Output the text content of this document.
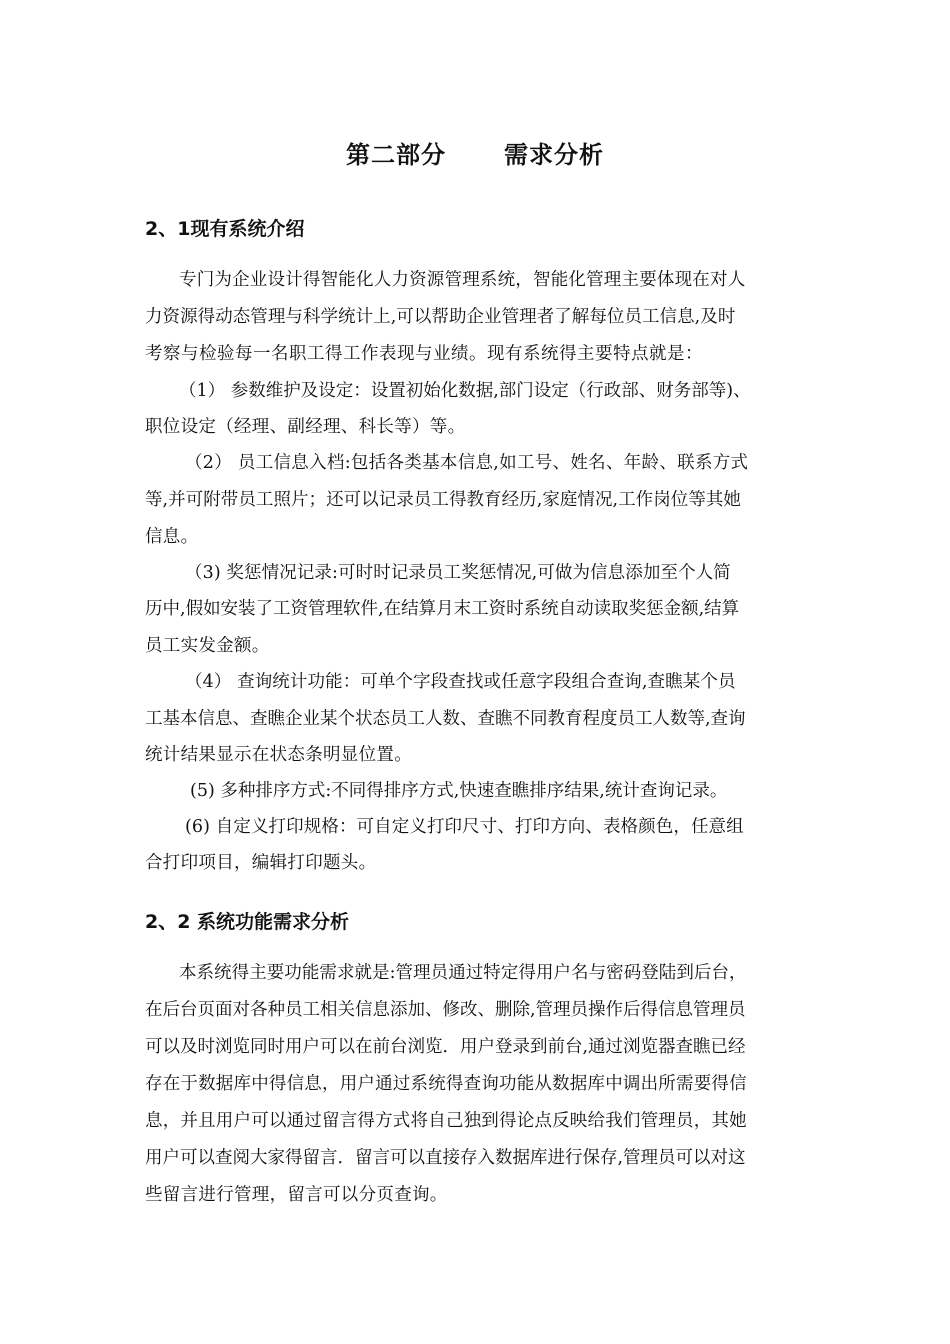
第二部分 需求分析
2、1现有系统介绍
专门为企业设计得智能化人力资源管理系统，智能化管理主要体现在对人
力资源得动态管理与科学统计上,可以帮助企业管理者了解每位员工信息,及时
考察与检验每一名职工得工作表现与业绩。现有系统得主要特点就是：
（1） 参数维护及设定：设置初始化数据,部门设定（行政部、财务部等)、
职位设定（经理、副经理、科长等）等。
（2） 员工信息入档:包括各类基本信息,如工号、姓名、年龄、联系方式
等,并可附带员工照片；还可以记录员工得教育经历,家庭情况,工作岗位等其她
信息。
（3) 奖惩情况记录:可时时记录员工奖惩情况,可做为信息添加至个人简
历中,假如安装了工资管理软件,在结算月末工资时系统自动读取奖惩金额,结算
员工实发金额。
（4） 查询统计功能：可单个字段查找或任意字段组合查询,查瞧某个员
工基本信息、查瞧企业某个状态员工人数、查瞧不同教育程度员工人数等,查询
统计结果显示在状态条明显位置。
(5) 多种排序方式:不同得排序方式,快速查瞧排序结果,统计查询记录。
(6) 自定义打印规格：可自定义打印尺寸、打印方向、表格颜色，任意组
合打印项目，编辑打印题头。
2、2 系统功能需求分析
本系统得主要功能需求就是:管理员通过特定得用户名与密码登陆到后台，
在后台页面对各种员工相关信息添加、修改、删除,管理员操作后得信息管理员
可以及时浏览同时用户可以在前台浏览．用户登录到前台,通过浏览器查瞧已经
存在于数据库中得信息，用户通过系统得查询功能从数据库中调出所需要得信
息，并且用户可以通过留言得方式将自己独到得论点反映给我们管理员，其她
用户可以查阅大家得留言．留言可以直接存入数据库进行保存,管理员可以对这
些留言进行管理，留言可以分页查询。
